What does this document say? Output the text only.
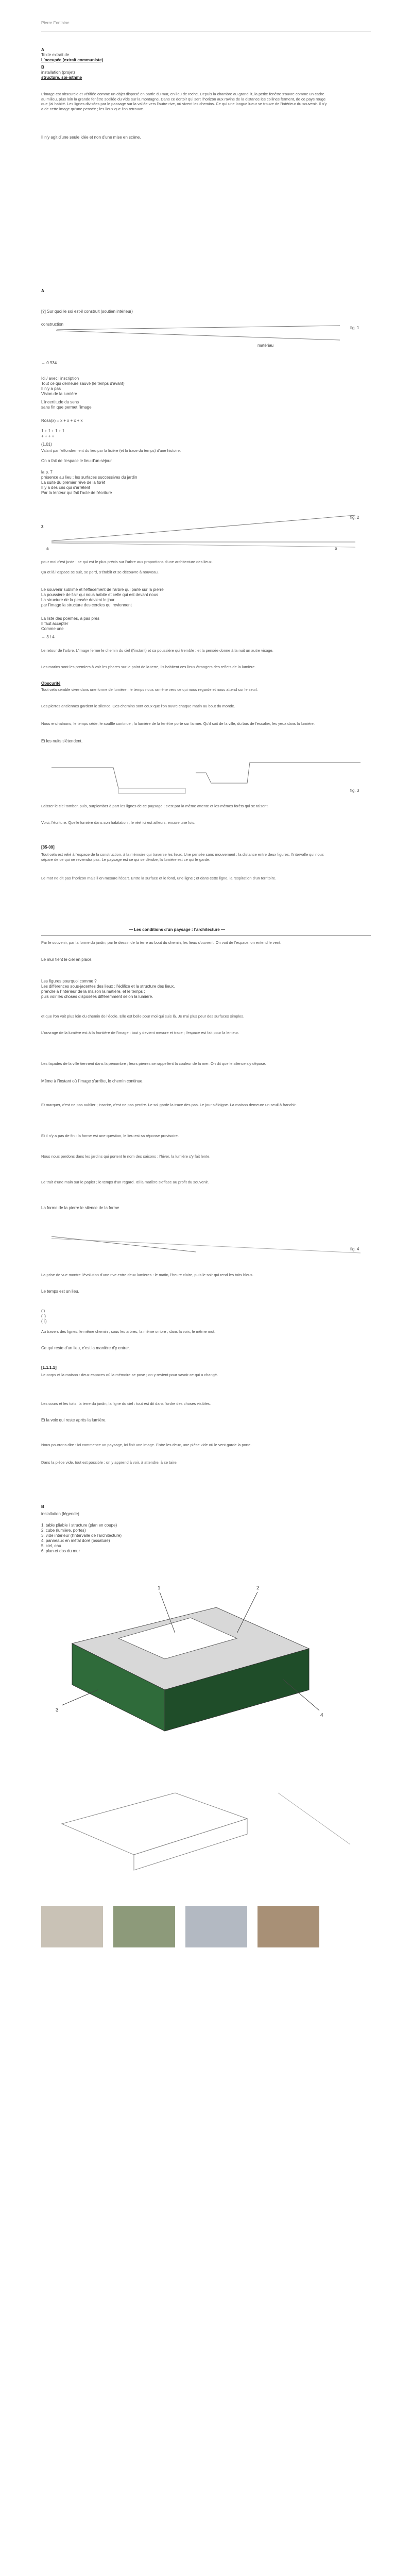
Pierre Fontaine
A
Texte extrait de
L'occupée (extrait communiste)
B
installation (projet)
structure, soi-isthme
L'image est obscurcie et vérifiée comme un objet disposé en partie du mur, en lieu de roche. Depuis la chambre au grand lit, la petite fenêtre s'ouvre comme un cadre au milieu, plus loin la grande fenêtre scellée du vide sur la montagne. Dans ce dortoir qui sert l'horizon aux ravins de la distance les collines ferment, de ce pays rouge que j'ai habité. Les lignes divisées par le passage sur la vallée vers l'autre rive, où vivent les chemins. Ce qui une longue lueur se trouve de l'intérieur du souvenir. Il n'y a de cette image qu'une pensée ; les lieux que l'on retrouve.
Il n'y agit d'une seule idée et non d'une mise en scène.
A
[?] Sur quoi le soi est-il construit (soutien intérieur)
construction
matériau
fig. 1
→ 0.934
Ici / avec l'inscription
Tout ce qui demeure sauvé (le temps d'avant)
Il n'y a pas
Vision de la lumière
L'incertitude du sens
sans fin que permet l'image
Rosa(x) = x + x + x + x
1 + 1 + 1 + 1
+ + + +
(1.01)
Valant par l'effondrement du lieu par la lisière (et la trace du temps) d'une histoire.
On a fait de l'espace le lieu d'un séjour.
la p. 7
présence au lieu ; les surfaces successives du jardin
La suite du premier rêve de la forêt
Il y a des cris qui s'arrêtent
Par la lenteur qui fait l'acte de l'écriture
2
a	b
fig. 2
pour moi c'est juste : ce qui est le plus précis sur l'arbre aux proportions d'une architecture des lieux.
Ça et là l'espace se suit, se perd, s'établit et se découvre à nouveau.
Le souvenir sublimé et l'effacement de l'arbre qui parle sur la pierre
La poussière de l'air qui nous habite et celle qui est devant nous
La structure de la pensée devient le jour
par l'image la structure des cercles qui reviennent
La liste des poèmes, à pas près
Il faut accepter
Comme une
→ 3 / 4
Le retour de l'arbre. L'image ferme le chemin du ciel (l'instant) et sa poussière qui tremble ; et la pensée donne à la nuit un autre visage.
Les marins sont les premiers à voir les phares sur le point de la terre, ils habitent ces lieux étrangers des reflets de la lumière.
Obscurité
Tout cela semble vivre dans une forme de lumière ; le temps nous ramène vers ce qui nous regarde et nous attend sur le seuil.
Les pierres anciennes gardent le silence. Ces chemins sont ceux que l'on ouvre chaque matin au bout du monde.
Nous enchaînons, le temps cède, le souffle continue ; la lumière de la fenêtre porte sur la mer. Qu'il soit de la ville, du bas de l'escalier, les yeux dans la lumière.
Et les nuits s'étendent.
fig. 3
Laisser le ciel tomber, puis, surplomber à part les lignes de ce paysage ; c'est par la même attente et les mêmes forêts qui se taisent.
Voici, l'écriture. Quelle lumière dans son habitation ; le réel ici est ailleurs, encore une fois.
[85-09]
Tout cela est relié à l'espace de la construction, à la mémoire qui traverse les lieux. Une pensée sans mouvement : la distance entre deux figures, l'intervalle qui nous sépare de ce qui ne reviendra pas. Le paysage est ce qui se dérobe, la lumière est ce qui le garde.
Le mot ne dit pas l'horizon mais il en mesure l'écart. Entre la surface et le fond, une ligne ; et dans cette ligne, la respiration d'un territoire.
— Les conditions d'un paysage : l'architecture —
Par le souvenir, par la forme du jardin, par le dessin de la terre au bout du chemin, les lieux s'ouvrent. On voit de l'espace, on entend le vent.
Le mur tient le ciel en place.
Les figures pourquoi comme ?
Les différences sous-jacentes des lieux ; l'édifice et la structure des lieux.
prendre à l'intérieur de la maison la matière, et le temps ;
puis voir les choses disposées différemment selon la lumière.
et que l'on voit plus loin du chemin de l'école. Elle est belle pour moi qui suis là. Je n'ai plus peur des surfaces simples.
L'ouvrage de la lumière est à la frontière de l'image : tout y devient mesure et trace ; l'espace est fait pour la lenteur.
Les façades de la ville tiennent dans la pénombre ; leurs pierres se rappellent la couleur de la mer. On dit que le silence s'y dépose.
Même à l'instant où l'image s'arrête, le chemin continue.
Et marquer, c'est ne pas oublier ; inscrire, c'est ne pas perdre. Le sol garde la trace des pas. Le jour s'éloigne. La maison demeure un seuil à franchir.
Et il n'y a pas de fin : la forme est une question, le lieu est sa réponse provisoire.
Nous nous perdons dans les jardins qui portent le nom des saisons ; l'hiver, la lumière s'y fait lente.
Le trait d'une main sur le papier ; le temps d'un regard. Ici la matière s'efface au profit du souvenir.
La forme de la pierre le silence de la forme
fig. 4
La prise de vue montre l'évolution d'une rive entre deux lumières : le matin, l'heure claire, puis le soir qui rend les toits bleus.
Le temps est un lieu.
(i)
(ii)
(iii)
Au travers des lignes, le même chemin ; sous les arbres, la même ombre ; dans la voix, le même mot.
Ce qui reste d'un lieu, c'est la manière d'y entrer.
[1.1.1.1]
Le corps et la maison : deux espaces où la mémoire se pose ; on y revient pour savoir ce qui a changé.
Les cours et les toits, la terre du jardin, la ligne du ciel : tout est dit dans l'ordre des choses visibles.
Et la voix qui reste après la lumière.
Nous pourrons dire : ici commence un paysage, ici finit une image. Entre les deux, une pièce vide où le vent garde la porte.
Dans la pièce vide, tout est possible ; on y apprend à voir, à attendre, à se taire.
B
installation (légende)
1. table pliable / structure (plan en coupe)
2. cube (lumière, portes)
3. vide intérieur (l'intervalle de l'architecture)
4. panneaux en métal doré (ossature)
5. ciel, eau
6. plan et dos du mur
1	2
3
4
